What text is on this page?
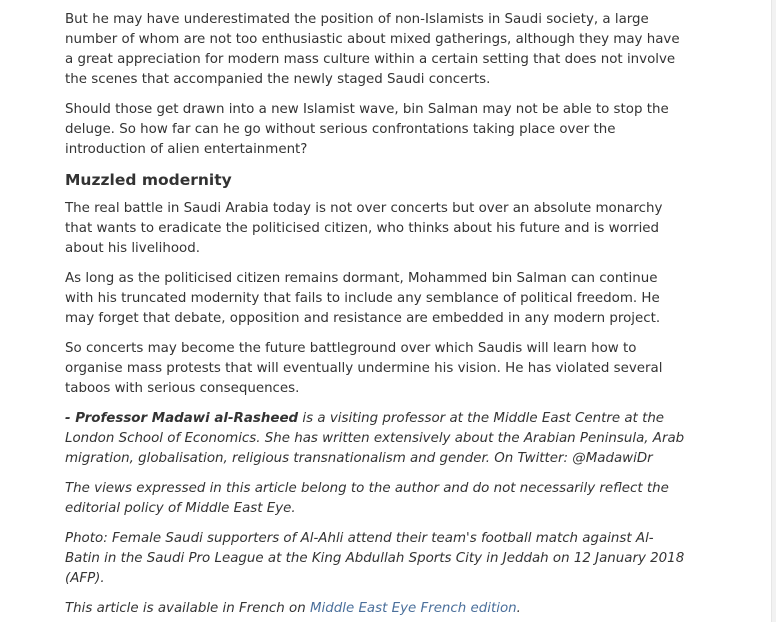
But he may have underestimated the position of non-Islamists in Saudi society, a large number of whom are not too enthusiastic about mixed gatherings, although they may have a great appreciation for modern mass culture within a certain setting that does not involve the scenes that accompanied the newly staged Saudi concerts.

Should those get drawn into a new Islamist wave, bin Salman may not be able to stop the deluge. So how far can he go without serious confrontations taking place over the introduction of alien entertainment?

Muzzled modernity

The real battle in Saudi Arabia today is not over concerts but over an absolute monarchy that wants to eradicate the politicised citizen, who thinks about his future and is worried about his livelihood.

As long as the politicised citizen remains dormant, Mohammed bin Salman can continue with his truncated modernity that fails to include any semblance of political freedom. He may forget that debate, opposition and resistance are embedded in any modern project.

So concerts may become the future battleground over which Saudis will learn how to organise mass protests that will eventually undermine his vision. He has violated several taboos with serious consequences.

- Professor Madawi al-Rasheed is a visiting professor at the Middle East Centre at the London School of Economics. She has written extensively about the Arabian Peninsula, Arab migration, globalisation, religious transnationalism and gender. On Twitter: @MadawiDr

The views expressed in this article belong to the author and do not necessarily reflect the editorial policy of Middle East Eye.

Photo: Female Saudi supporters of Al-Ahli attend their team's football match against Al-Batin in the Saudi Pro League at the King Abdullah Sports City in Jeddah on 12 January 2018 (AFP).

This article is available in French on Middle East Eye French edition.
